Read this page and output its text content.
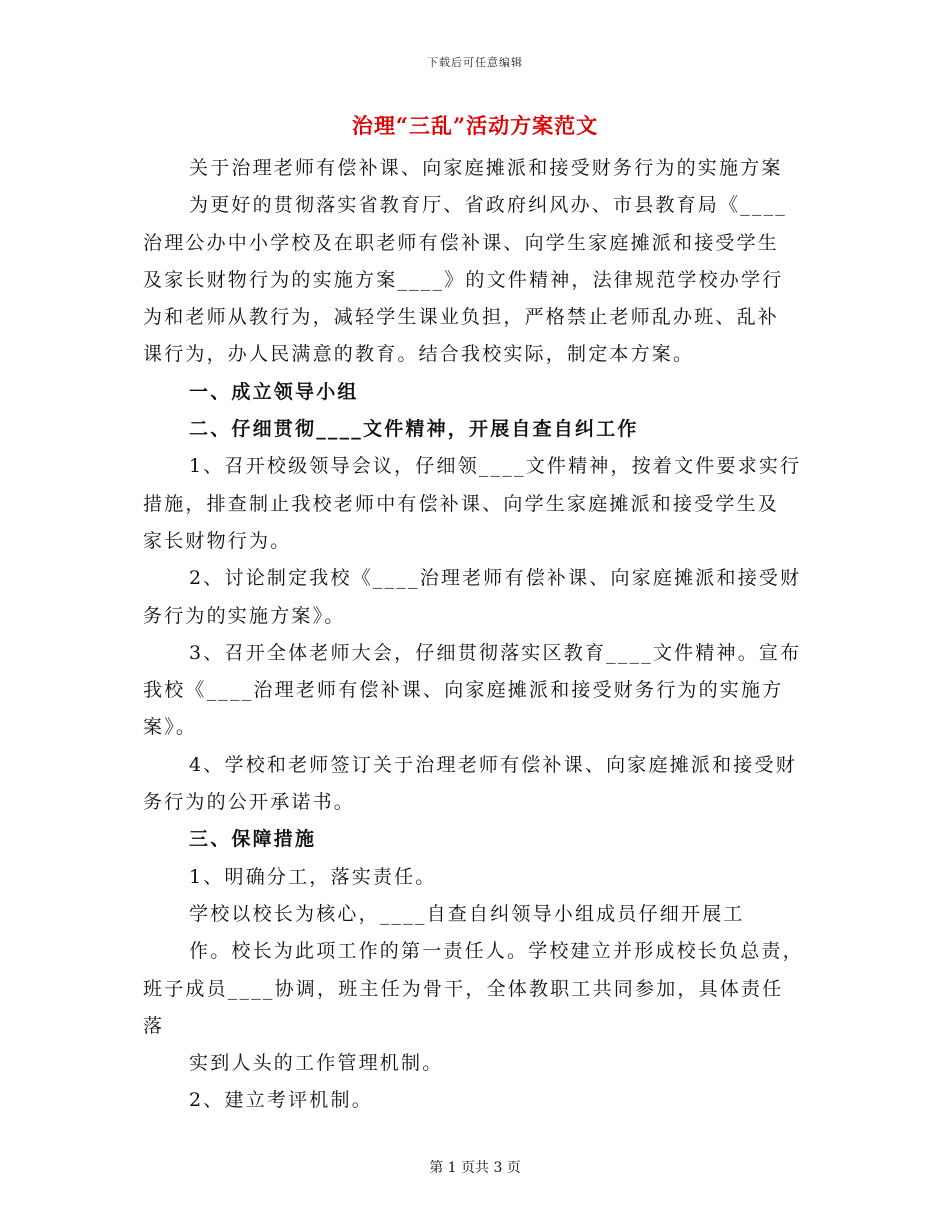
下载后可任意编辑
治理“三乱”活动方案范文
关于治理老师有偿补课、向家庭摊派和接受财务行为的实施方案
为更好的贯彻落实省教育厅、省政府纠风办、市县教育局《____
治理公办中小学校及在职老师有偿补课、向学生家庭摊派和接受学生
及家长财物行为的实施方案____》的文件精神，法律规范学校办学行
为和老师从教行为，减轻学生课业负担，严格禁止老师乱办班、乱补
课行为，办人民满意的教育。结合我校实际，制定本方案。
一、成立领导小组
二、仔细贯彻____文件精神，开展自查自纠工作
1、召开校级领导会议，仔细领____文件精神，按着文件要求实行
措施，排查制止我校老师中有偿补课、向学生家庭摊派和接受学生及
家长财物行为。
2、讨论制定我校《____治理老师有偿补课、向家庭摊派和接受财
务行为的实施方案》。
3、召开全体老师大会，仔细贯彻落实区教育____文件精神。宣布
我校《____治理老师有偿补课、向家庭摊派和接受财务行为的实施方
案》。
4、学校和老师签订关于治理老师有偿补课、向家庭摊派和接受财
务行为的公开承诺书。
三、保障措施
1、明确分工，落实责任。
学校以校长为核心，____自查自纠领导小组成员仔细开展工
作。校长为此项工作的第一责任人。学校建立并形成校长负总责，
班子成员____协调，班主任为骨干，全体教职工共同参加，具体责任
落
实到人头的工作管理机制。
2、建立考评机制。
第 1 页共 3 页
